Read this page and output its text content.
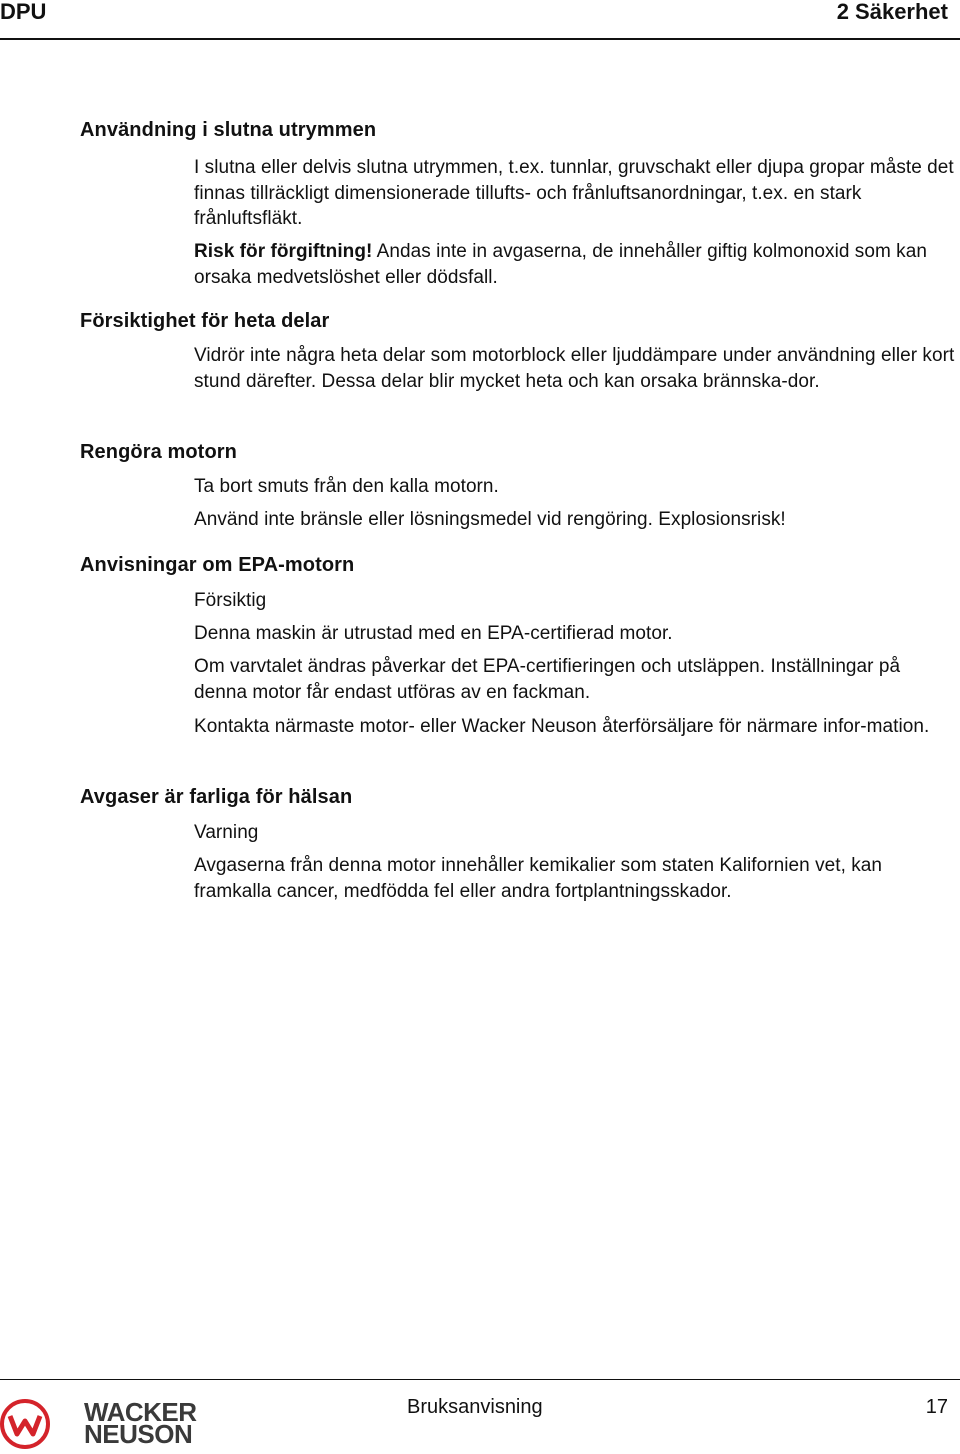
DPU	2 Säkerhet
Användning i slutna utrymmen
I slutna eller delvis slutna utrymmen, t.ex. tunnlar, gruvschakt eller djupa gropar måste det finnas tillräckligt dimensionerade tillufts- och frånluftsanordningar, t.ex. en stark frånluftsfläkt.
Risk för förgiftning! Andas inte in avgaserna, de innehåller giftig kolmonoxid som kan orsaka medvetslöshet eller dödsfall.
Försiktighet för heta delar
Vidrör inte några heta delar som motorblock eller ljuddämpare under användning eller kort stund därefter. Dessa delar blir mycket heta och kan orsaka brännska-dor.
Rengöra motorn
Ta bort smuts från den kalla motorn.
Använd inte bränsle eller lösningsmedel vid rengöring. Explosionsrisk!
Anvisningar om EPA-motorn
Försiktig
Denna maskin är utrustad med en EPA-certifierad motor.
Om varvtalet ändras påverkar det EPA-certifieringen och utsläppen. Inställningar på denna motor får endast utföras av en fackman.
Kontakta närmaste motor- eller Wacker Neuson återförsäljare för närmare infor-mation.
Avgaser är farliga för hälsan
Varning
Avgaserna från denna motor innehåller kemikalier som staten Kalifornien vet, kan framkalla cancer, medfödda fel eller andra fortplantningsskador.
WACKER
NEUSON
Bruksanvisning	17
